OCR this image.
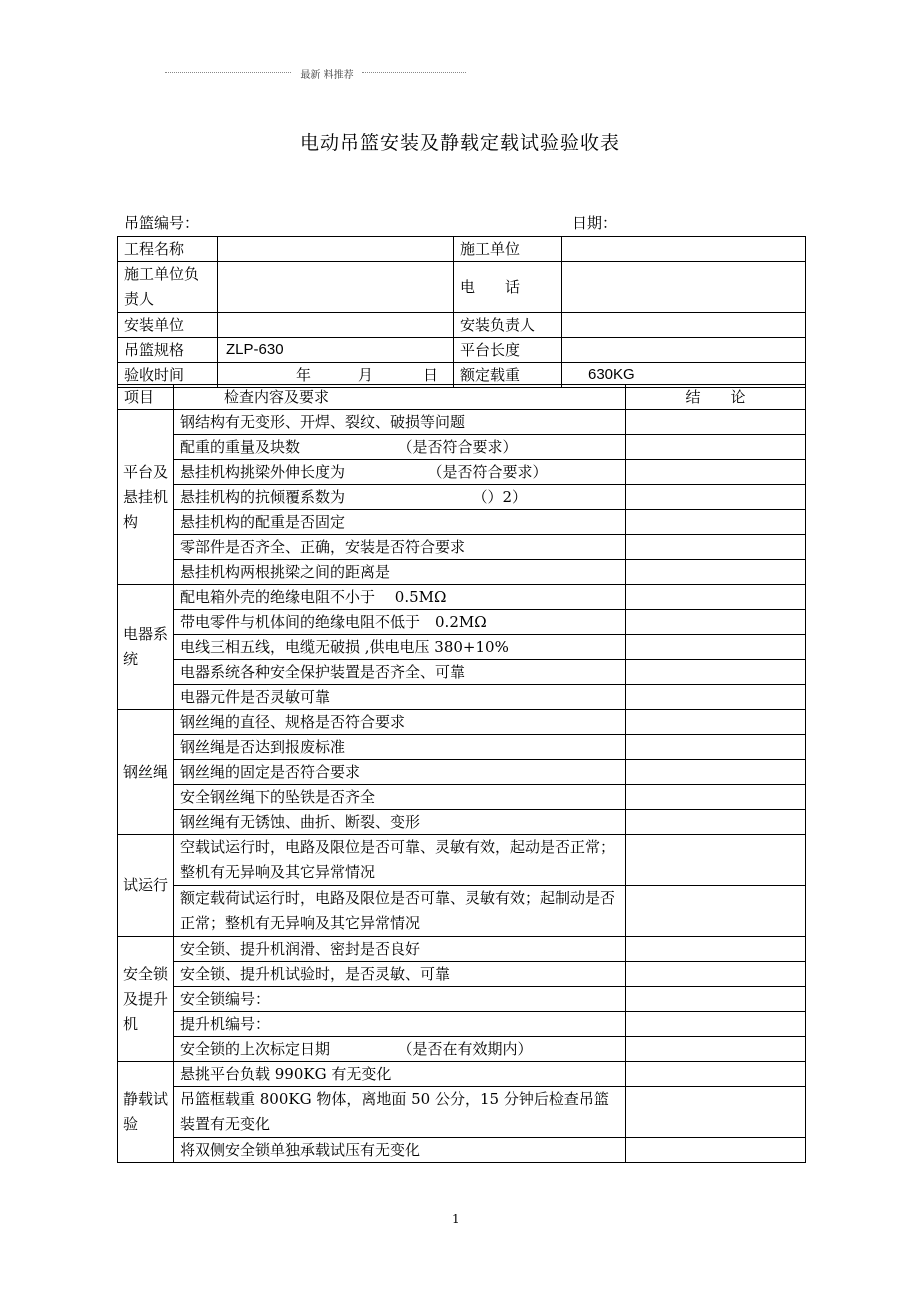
最新 料推荐
电动吊篮安装及静载定载试验验收表
吊篮编号：	日期：
工程名称		施工单位	
施工单位负责人		电　　话	
安装单位		安装负责人	
吊篮规格	ZLP-630	平台长度	
验收时间	年 月 日	额定载重	630KG
项目	检查内容及要求	结　　论
平台及悬挂机构	钢结构有无变形、开焊、裂纹、破损等问题	
	配重的重量及块数　　　　　　　（是否符合要求）	
	悬挂机构挑梁外伸长度为　　　　　　（是否符合要求）	
	悬挂机构的抗倾覆系数为　　　　　　　　　（）2）	
	悬挂机构的配重是否固定	
	零部件是否齐全、正确，安装是否符合要求	
	悬挂机构两根挑梁之间的距离是	
电器系统	配电箱外壳的绝缘电阻不小于　 0.5MΩ	
	带电零件与机体间的绝缘电阻不低于　0.2MΩ	
	电线三相五线，电缆无破损 ,供电电压 380+10%	
	电器系统各种安全保护装置是否齐全、可靠	
	电器元件是否灵敏可靠	
钢丝绳	钢丝绳的直径、规格是否符合要求	
	钢丝绳是否达到报废标准	
	钢丝绳的固定是否符合要求	
	安全钢丝绳下的坠铁是否齐全	
	钢丝绳有无锈蚀、曲折、断裂、变形	
试运行	空载试运行时，电路及限位是否可靠、灵敏有效，起动是否正常；整机有无异响及其它异常情况	
	额定载荷试运行时，电路及限位是否可靠、灵敏有效；起制动是否正常；整机有无异响及其它异常情况	
安全锁及提升机	安全锁、提升机润滑、密封是否良好	
	安全锁、提升机试验时，是否灵敏、可靠	
	安全锁编号：	
	提升机编号：	
	安全锁的上次标定日期　　　　　（是否在有效期内）	
静载试验	悬挑平台负载 990KG 有无变化	
	吊篮框载重 800KG 物体，离地面 50 公分，15 分钟后检查吊篮装置有无变化	
	将双侧安全锁单独承载试压有无变化	
1
